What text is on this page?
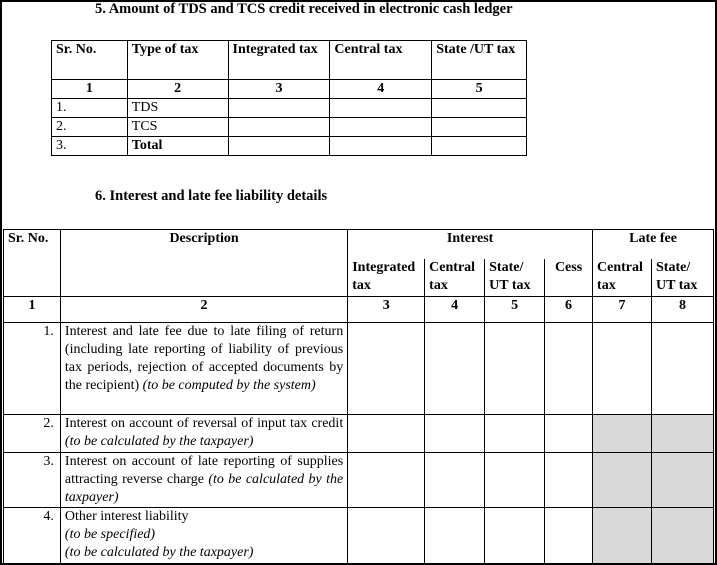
5. Amount of TDS and TCS credit received in electronic cash ledger
Sr. No.	Type of tax	Integrated tax	Central tax	State /UT tax
1	2	3	4	5
1.	TDS			
2.	TCS			
3.	Total			
6. Interest and late fee liability details
Sr. No.	Description	Interest				Late fee	
		Integrated tax	Central tax	State/ UT tax	Cess	Central tax	State/ UT tax
1	2	3	4	5	6	7	8
1.	Interest and late fee due to late filing of return (including late reporting of liability of previous tax periods, rejection of accepted documents by the recipient) (to be computed by the system)						
2.	Interest on account of reversal of input tax credit (to be calculated by the taxpayer)						
3.	Interest on account of late reporting of supplies attracting reverse charge (to be calculated by the taxpayer)						
4.	Other interest liability
(to be specified)
(to be calculated by the taxpayer)						
